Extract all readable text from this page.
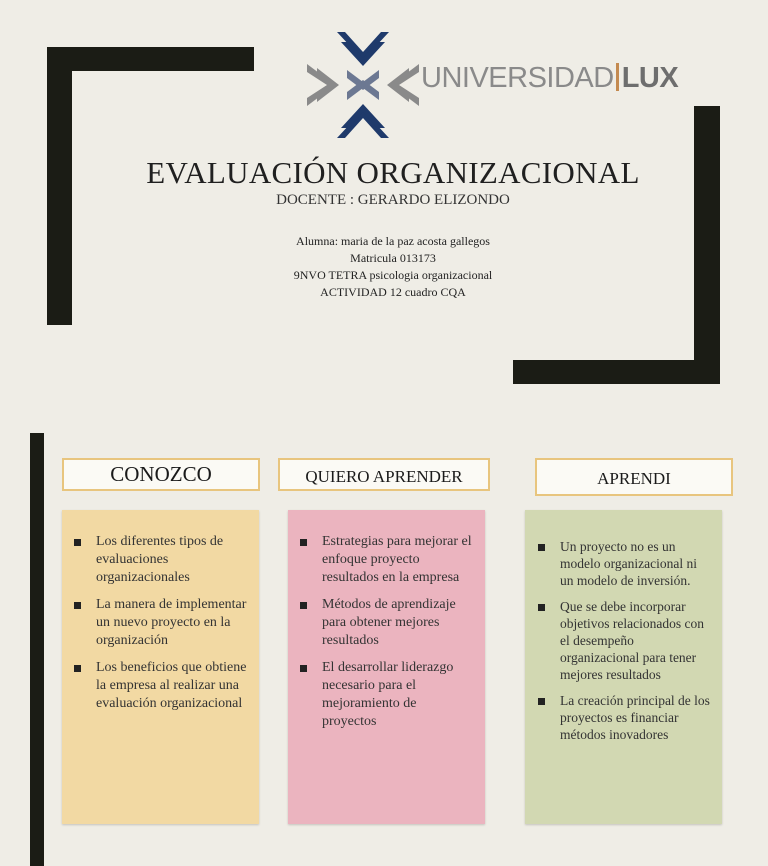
UNIVERSIDAD LUX
EVALUACIÓN ORGANIZACIONAL
DOCENTE : GERARDO ELIZONDO
Alumna: maria de la paz acosta gallegos
Matricula 013173
9NVO TETRA psicologia organizacional
ACTIVIDAD 12 cuadro CQA
CONOZCO	QUIERO APRENDER	APRENDI
Los diferentes tipos de evaluaciones organizacionales
La manera de implementar un nuevo proyecto en la organización
Los beneficios que obtiene la empresa al realizar una evaluación organizacional
Estrategias para mejorar el enfoque proyecto resultados en la empresa
Métodos de aprendizaje para obtener mejores resultados
El desarrollar liderazgo necesario para el mejoramiento de proyectos
Un proyecto no es un modelo organizacional ni un modelo de inversión.
Que se debe incorporar objetivos relacionados con el desempeño organizacional para tener mejores resultados
La creación principal de los proyectos es financiar métodos inovadores
